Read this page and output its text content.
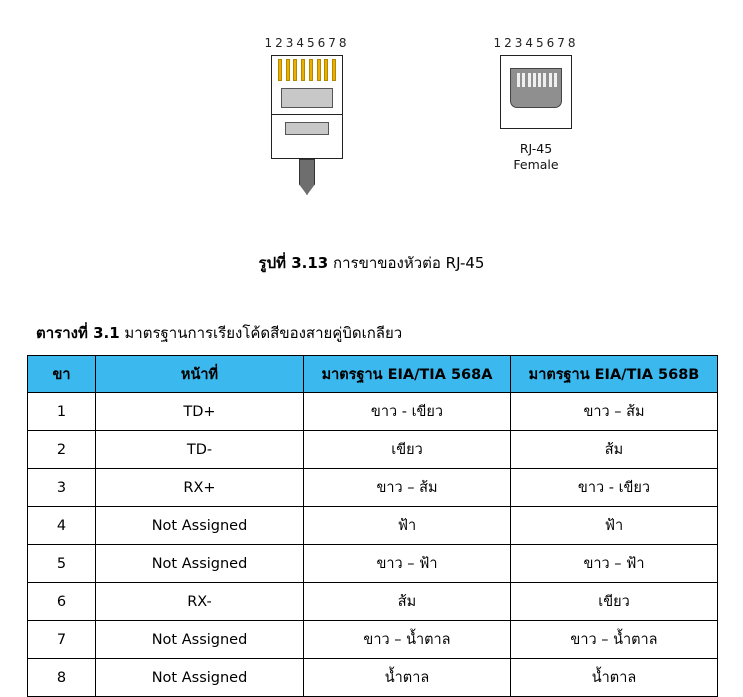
12345678	12345678
RJ-45
Female
รูปที่ 3.13 การขาของหัวต่อ RJ-45
ตารางที่ 3.1 มาตรฐานการเรียงโค้ดสีของสายคู่บิดเกลียว
ขา	หน้าที่	มาตรฐาน EIA/TIA 568A	มาตรฐาน EIA/TIA 568B
1	TD+	ขาว - เขียว	ขาว – ส้ม
2	TD-	เขียว	ส้ม
3	RX+	ขาว – ส้ม	ขาว - เขียว
4	Not Assigned	ฟ้า	ฟ้า
5	Not Assigned	ขาว – ฟ้า	ขาว – ฟ้า
6	RX-	ส้ม	เขียว
7	Not Assigned	ขาว – น้ำตาล	ขาว – น้ำตาล
8	Not Assigned	น้ำตาล	น้ำตาล
